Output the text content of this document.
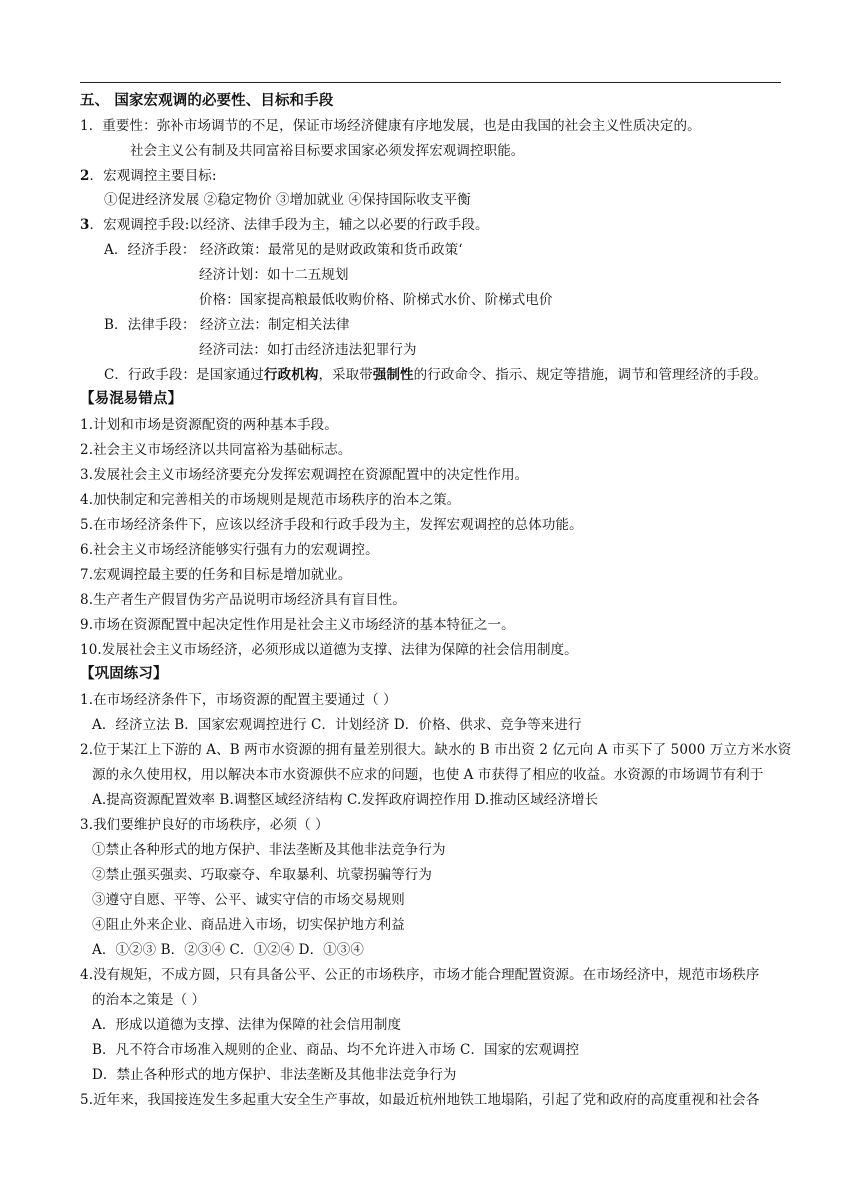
五、 国家宏观调的必要性、目标和手段
1．重要性：弥补市场调节的不足，保证市场经济健康有序地发展，也是由我国的社会主义性质决定的。
社会主义公有制及共同富裕目标要求国家必须发挥宏观调控职能。
2．宏观调控主要目标:
①促进经济发展 ②稳定物价 ③增加就业 ④保持国际收支平衡
3．宏观调控手段:以经济、法律手段为主，辅之以必要的行政手段。
A．经济手段： 经济政策：最常见的是财政政策和货币政策‘
经济计划：如十二五规划
价格：国家提高粮最低收购价格、阶梯式水价、阶梯式电价
B．法律手段： 经济立法：制定相关法律
经济司法：如打击经济违法犯罪行为
C．行政手段：是国家通过行政机构，采取带强制性的行政命令、指示、规定等措施，调节和管理经济的手段。
【易混易错点】
1.计划和市场是资源配资的两种基本手段。
2.社会主义市场经济以共同富裕为基础标志。
3.发展社会主义市场经济要充分发挥宏观调控在资源配置中的决定性作用。
4.加快制定和完善相关的市场规则是规范市场秩序的治本之策。
5.在市场经济条件下，应该以经济手段和行政手段为主，发挥宏观调控的总体功能。
6.社会主义市场经济能够实行强有力的宏观调控。
7.宏观调控最主要的任务和目标是增加就业。
8.生产者生产假冒伪劣产品说明市场经济具有盲目性。
9.市场在资源配置中起决定性作用是社会主义市场经济的基本特征之一。
10.发展社会主义市场经济，必须形成以道德为支撑、法律为保障的社会信用制度。
【巩固练习】
1.在市场经济条件下，市场资源的配置主要通过（ ）
A．经济立法 B．国家宏观调控进行 C．计划经济 D．价格、供求、竞争等来进行
2.位于某江上下游的 A、B 两市水资源的拥有量差别很大。缺水的 B 市出资 2 亿元向 A 市买下了 5000 万立方米水资
源的永久使用权，用以解决本市水资源供不应求的问题，也使 A 市获得了相应的收益。水资源的市场调节有利于
A.提高资源配置效率 B.调整区域经济结构 C.发挥政府调控作用 D.推动区域经济增长
3.我们要维护良好的市场秩序，必须（ ）
①禁止各种形式的地方保护、非法垄断及其他非法竞争行为
②禁止强买强卖、巧取豪夺、牟取暴利、坑蒙拐骗等行为
③遵守自愿、平等、公平、诚实守信的市场交易规则
④阻止外来企业、商品进入市场，切实保护地方利益
A．①②③ B．②③④ C．①②④ D．①③④
4.没有规矩，不成方圆，只有具备公平、公正的市场秩序，市场才能合理配置资源。在市场经济中，规范市场秩序
的治本之策是（ ）
A．形成以道德为支撑、法律为保障的社会信用制度
B．凡不符合市场准入规则的企业、商品、均不允许进入市场 C．国家的宏观调控
D．禁止各种形式的地方保护、非法垄断及其他非法竞争行为
5.近年来，我国接连发生多起重大安全生产事故，如最近杭州地铁工地塌陷，引起了党和政府的高度重视和社会各
